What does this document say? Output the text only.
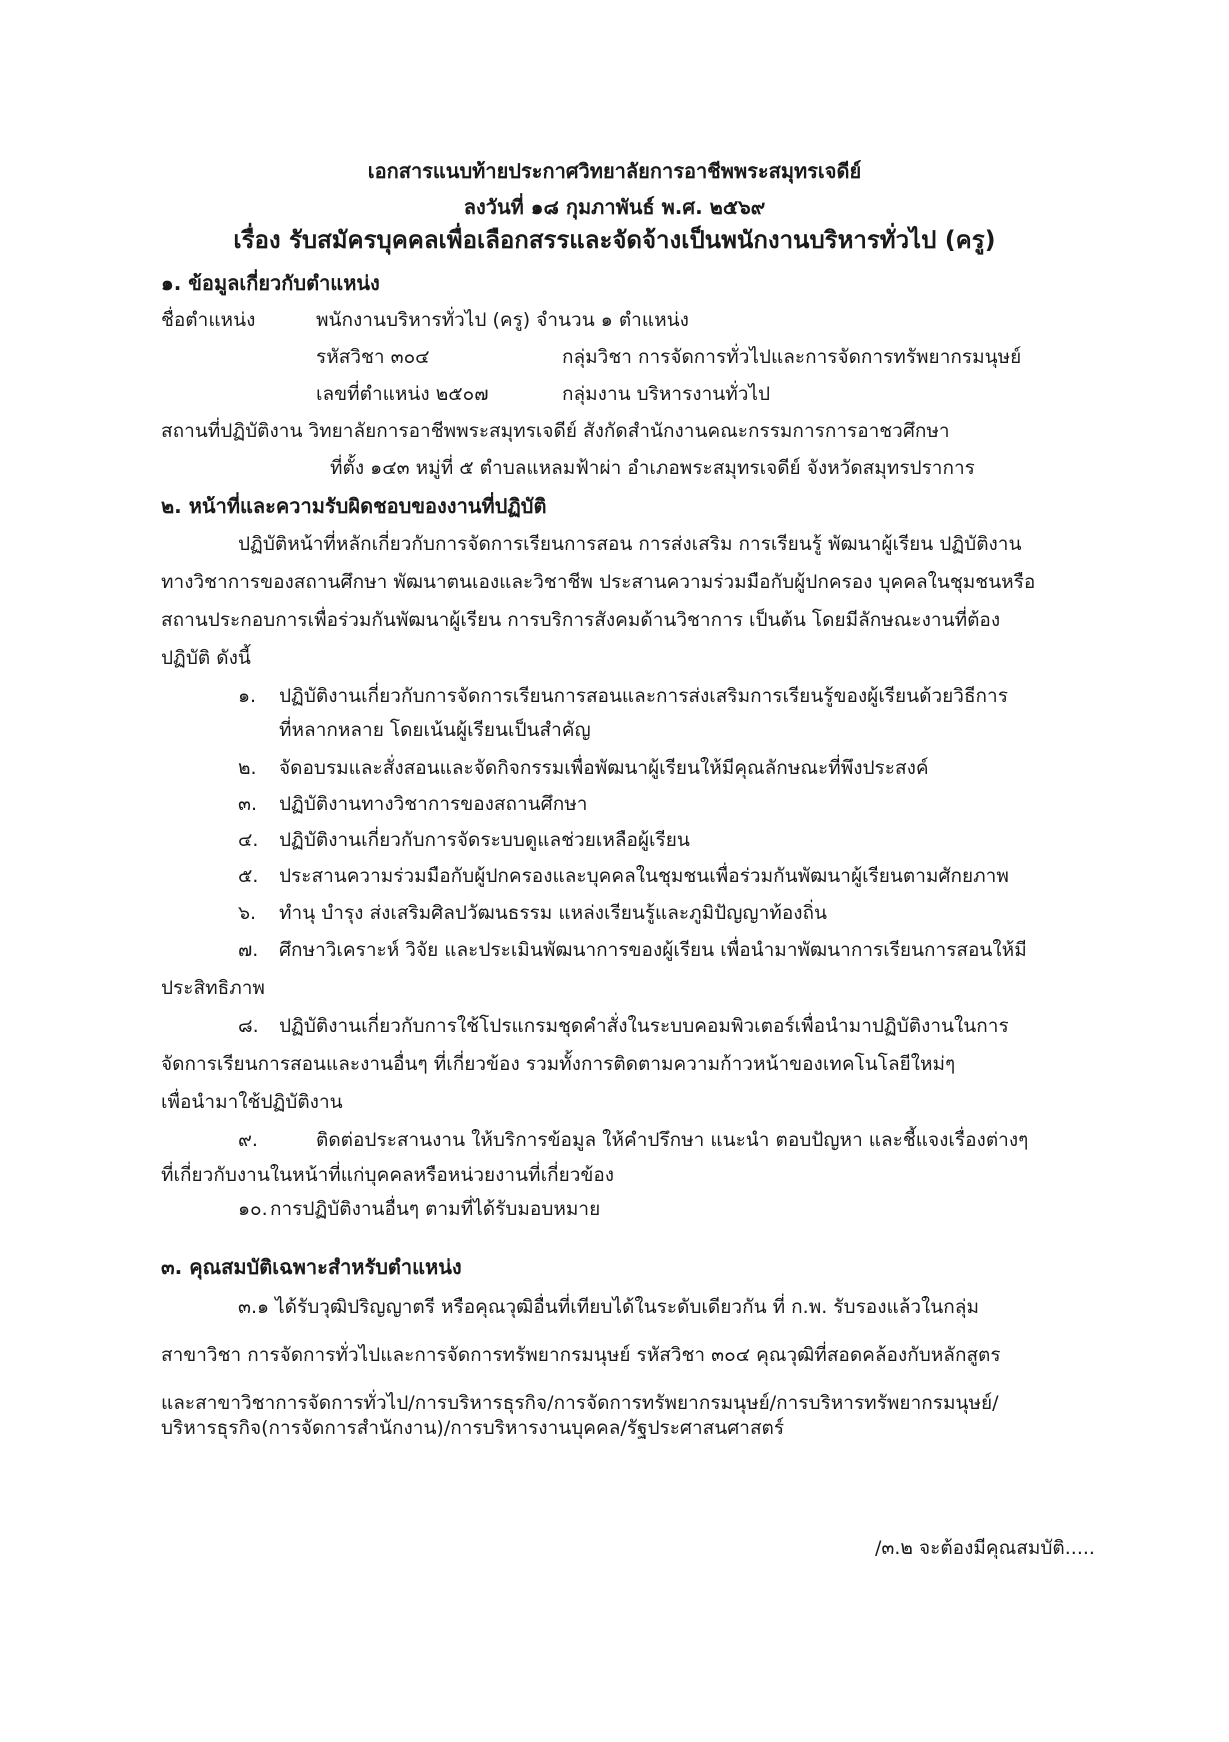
เอกสารแนบท้ายประกาศวิทยาลัยการอาชีพพระสมุทรเจดีย์
ลงวันที่ ๑๘ กุมภาพันธ์ พ.ศ. ๒๕๖๙
เรื่อง รับสมัครบุคคลเพื่อเลือกสรรและจัดจ้างเป็นพนักงานบริหารทั่วไป (ครู)
๑. ข้อมูลเกี่ยวกับตำแหน่ง
ชื่อตำแหน่ง	พนักงานบริหารทั่วไป (ครู) จำนวน ๑ ตำแหน่ง
รหัสวิชา ๓๐๔	กลุ่มวิชา การจัดการทั่วไปและการจัดการทรัพยากรมนุษย์
เลขที่ตำแหน่ง ๒๕๐๗	กลุ่มงาน บริหารงานทั่วไป
สถานที่ปฏิบัติงาน วิทยาลัยการอาชีพพระสมุทรเจดีย์ สังกัดสำนักงานคณะกรรมการการอาชวศึกษา
ที่ตั้ง ๑๔๓ หมู่ที่ ๕ ตำบลแหลมฟ้าผ่า อำเภอพระสมุทรเจดีย์ จังหวัดสมุทรปราการ
๒. หน้าที่และความรับผิดชอบของงานที่ปฏิบัติ
ปฏิบัติหน้าที่หลักเกี่ยวกับการจัดการเรียนการสอน การส่งเสริม การเรียนรู้ พัฒนาผู้เรียน ปฏิบัติงาน
ทางวิชาการของสถานศึกษา พัฒนาตนเองและวิชาชีพ ประสานความร่วมมือกับผู้ปกครอง บุคคลในชุมชนหรือ
สถานประกอบการเพื่อร่วมกันพัฒนาผู้เรียน การบริการสังคมด้านวิชาการ เป็นต้น โดยมีลักษณะงานที่ต้อง
ปฏิบัติ ดังนี้
๑. ปฏิบัติงานเกี่ยวกับการจัดการเรียนการสอนและการส่งเสริมการเรียนรู้ของผู้เรียนด้วยวิธีการ
ที่หลากหลาย โดยเน้นผู้เรียนเป็นสำคัญ
๒. จัดอบรมและสั่งสอนและจัดกิจกรรมเพื่อพัฒนาผู้เรียนให้มีคุณลักษณะที่พึงประสงค์
๓. ปฏิบัติงานทางวิชาการของสถานศึกษา
๔. ปฏิบัติงานเกี่ยวกับการจัดระบบดูแลช่วยเหลือผู้เรียน
๕. ประสานความร่วมมือกับผู้ปกครองและบุคคลในชุมชนเพื่อร่วมกันพัฒนาผู้เรียนตามศักยภาพ
๖. ทำนุ บำรุง ส่งเสริมศิลปวัฒนธรรม แหล่งเรียนรู้และภูมิปัญญาท้องถิ่น
๗. ศึกษาวิเคราะห์ วิจัย และประเมินพัฒนาการของผู้เรียน เพื่อนำมาพัฒนาการเรียนการสอนให้มี
ประสิทธิภาพ
๘. ปฏิบัติงานเกี่ยวกับการใช้โปรแกรมชุดคำสั่งในระบบคอมพิวเตอร์เพื่อนำมาปฏิบัติงานในการ
จัดการเรียนการสอนและงานอื่นๆ ที่เกี่ยวข้อง รวมทั้งการติดตามความก้าวหน้าของเทคโนโลยีใหม่ๆ
เพื่อนำมาใช้ปฏิบัติงาน
๙.	ติดต่อประสานงาน ให้บริการข้อมูล ให้คำปรึกษา แนะนำ ตอบปัญหา และชี้แจงเรื่องต่างๆ
ที่เกี่ยวกับงานในหน้าที่แก่บุคคลหรือหน่วยงานที่เกี่ยวข้อง
๑๐. การปฏิบัติงานอื่นๆ ตามที่ได้รับมอบหมาย
๓. คุณสมบัติเฉพาะสำหรับตำแหน่ง
๓.๑ ได้รับวุฒิปริญญาตรี หรือคุณวุฒิอื่นที่เทียบได้ในระดับเดียวกัน ที่ ก.พ. รับรองแล้วในกลุ่ม
สาขาวิชา การจัดการทั่วไปและการจัดการทรัพยากรมนุษย์ รหัสวิชา ๓๐๔ คุณวุฒิที่สอดคล้องกับหลักสูตร
และสาขาวิชาการจัดการทั่วไป/การบริหารธุรกิจ/การจัดการทรัพยากรมนุษย์/การบริหารทรัพยากรมนุษย์/
บริหารธุรกิจ(การจัดการสำนักงาน)/การบริหารงานบุคคล/รัฐประศาสนศาสตร์
/๓.๒ จะต้องมีคุณสมบัติ.....
